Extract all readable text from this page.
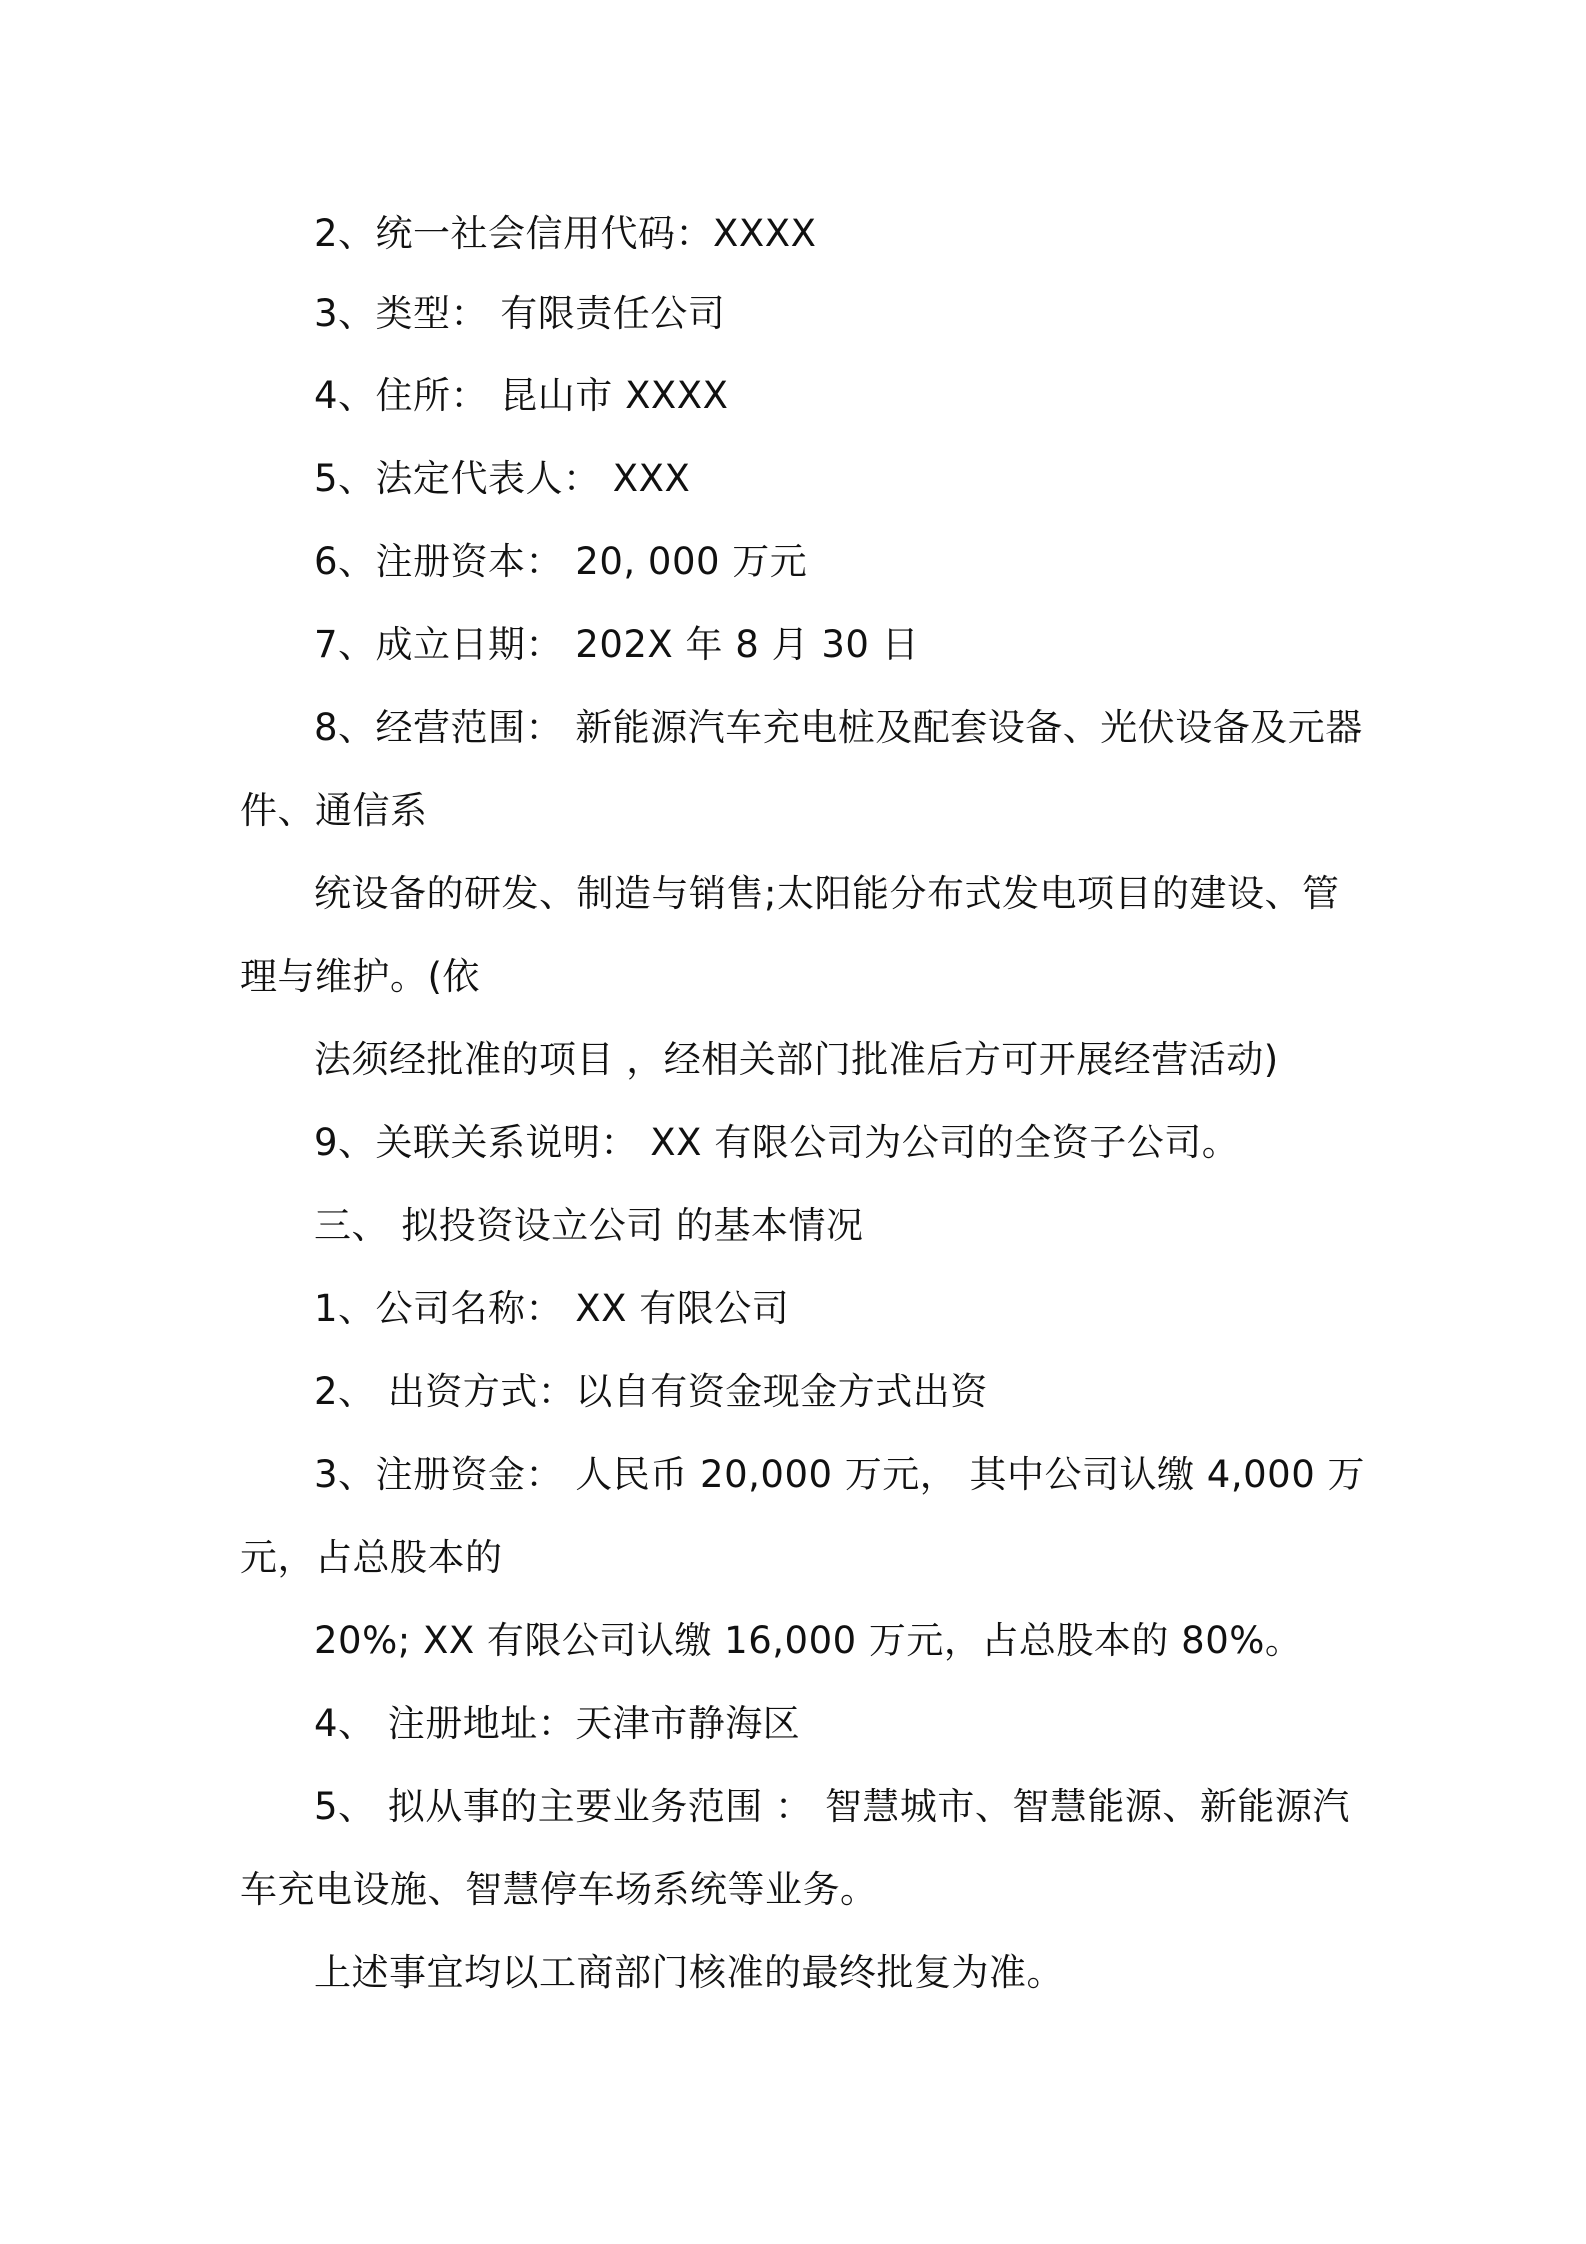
2、统一社会信用代码：XXXX
3、类型： 有限责任公司
4、住所： 昆山市 XXXX
5、法定代表人： XXX
6、注册资本： 20, 000 万元
7、成立日期： 202X 年 8 月 30 日
8、经营范围： 新能源汽车充电桩及配套设备、光伏设备及元器
件、通信系
统设备的研发、制造与销售;太阳能分布式发电项目的建设、管
理与维护。(依
法须经批准的项目 ，经相关部门批准后方可开展经营活动)
9、关联关系说明： XX 有限公司为公司的全资子公司。
三、 拟投资设立公司 的基本情况
1、公司名称： XX 有限公司
2、 出资方式：以自有资金现金方式出资
3、注册资金： 人民币 20,000 万元， 其中公司认缴 4,000 万
元，占总股本的
20%; XX 有限公司认缴 16,000 万元，占总股本的 80%。
4、 注册地址：天津市静海区
5、 拟从事的主要业务范围 ： 智慧城市、智慧能源、新能源汽
车充电设施、智慧停车场系统等业务。
上述事宜均以工商部门核准的最终批复为准。
